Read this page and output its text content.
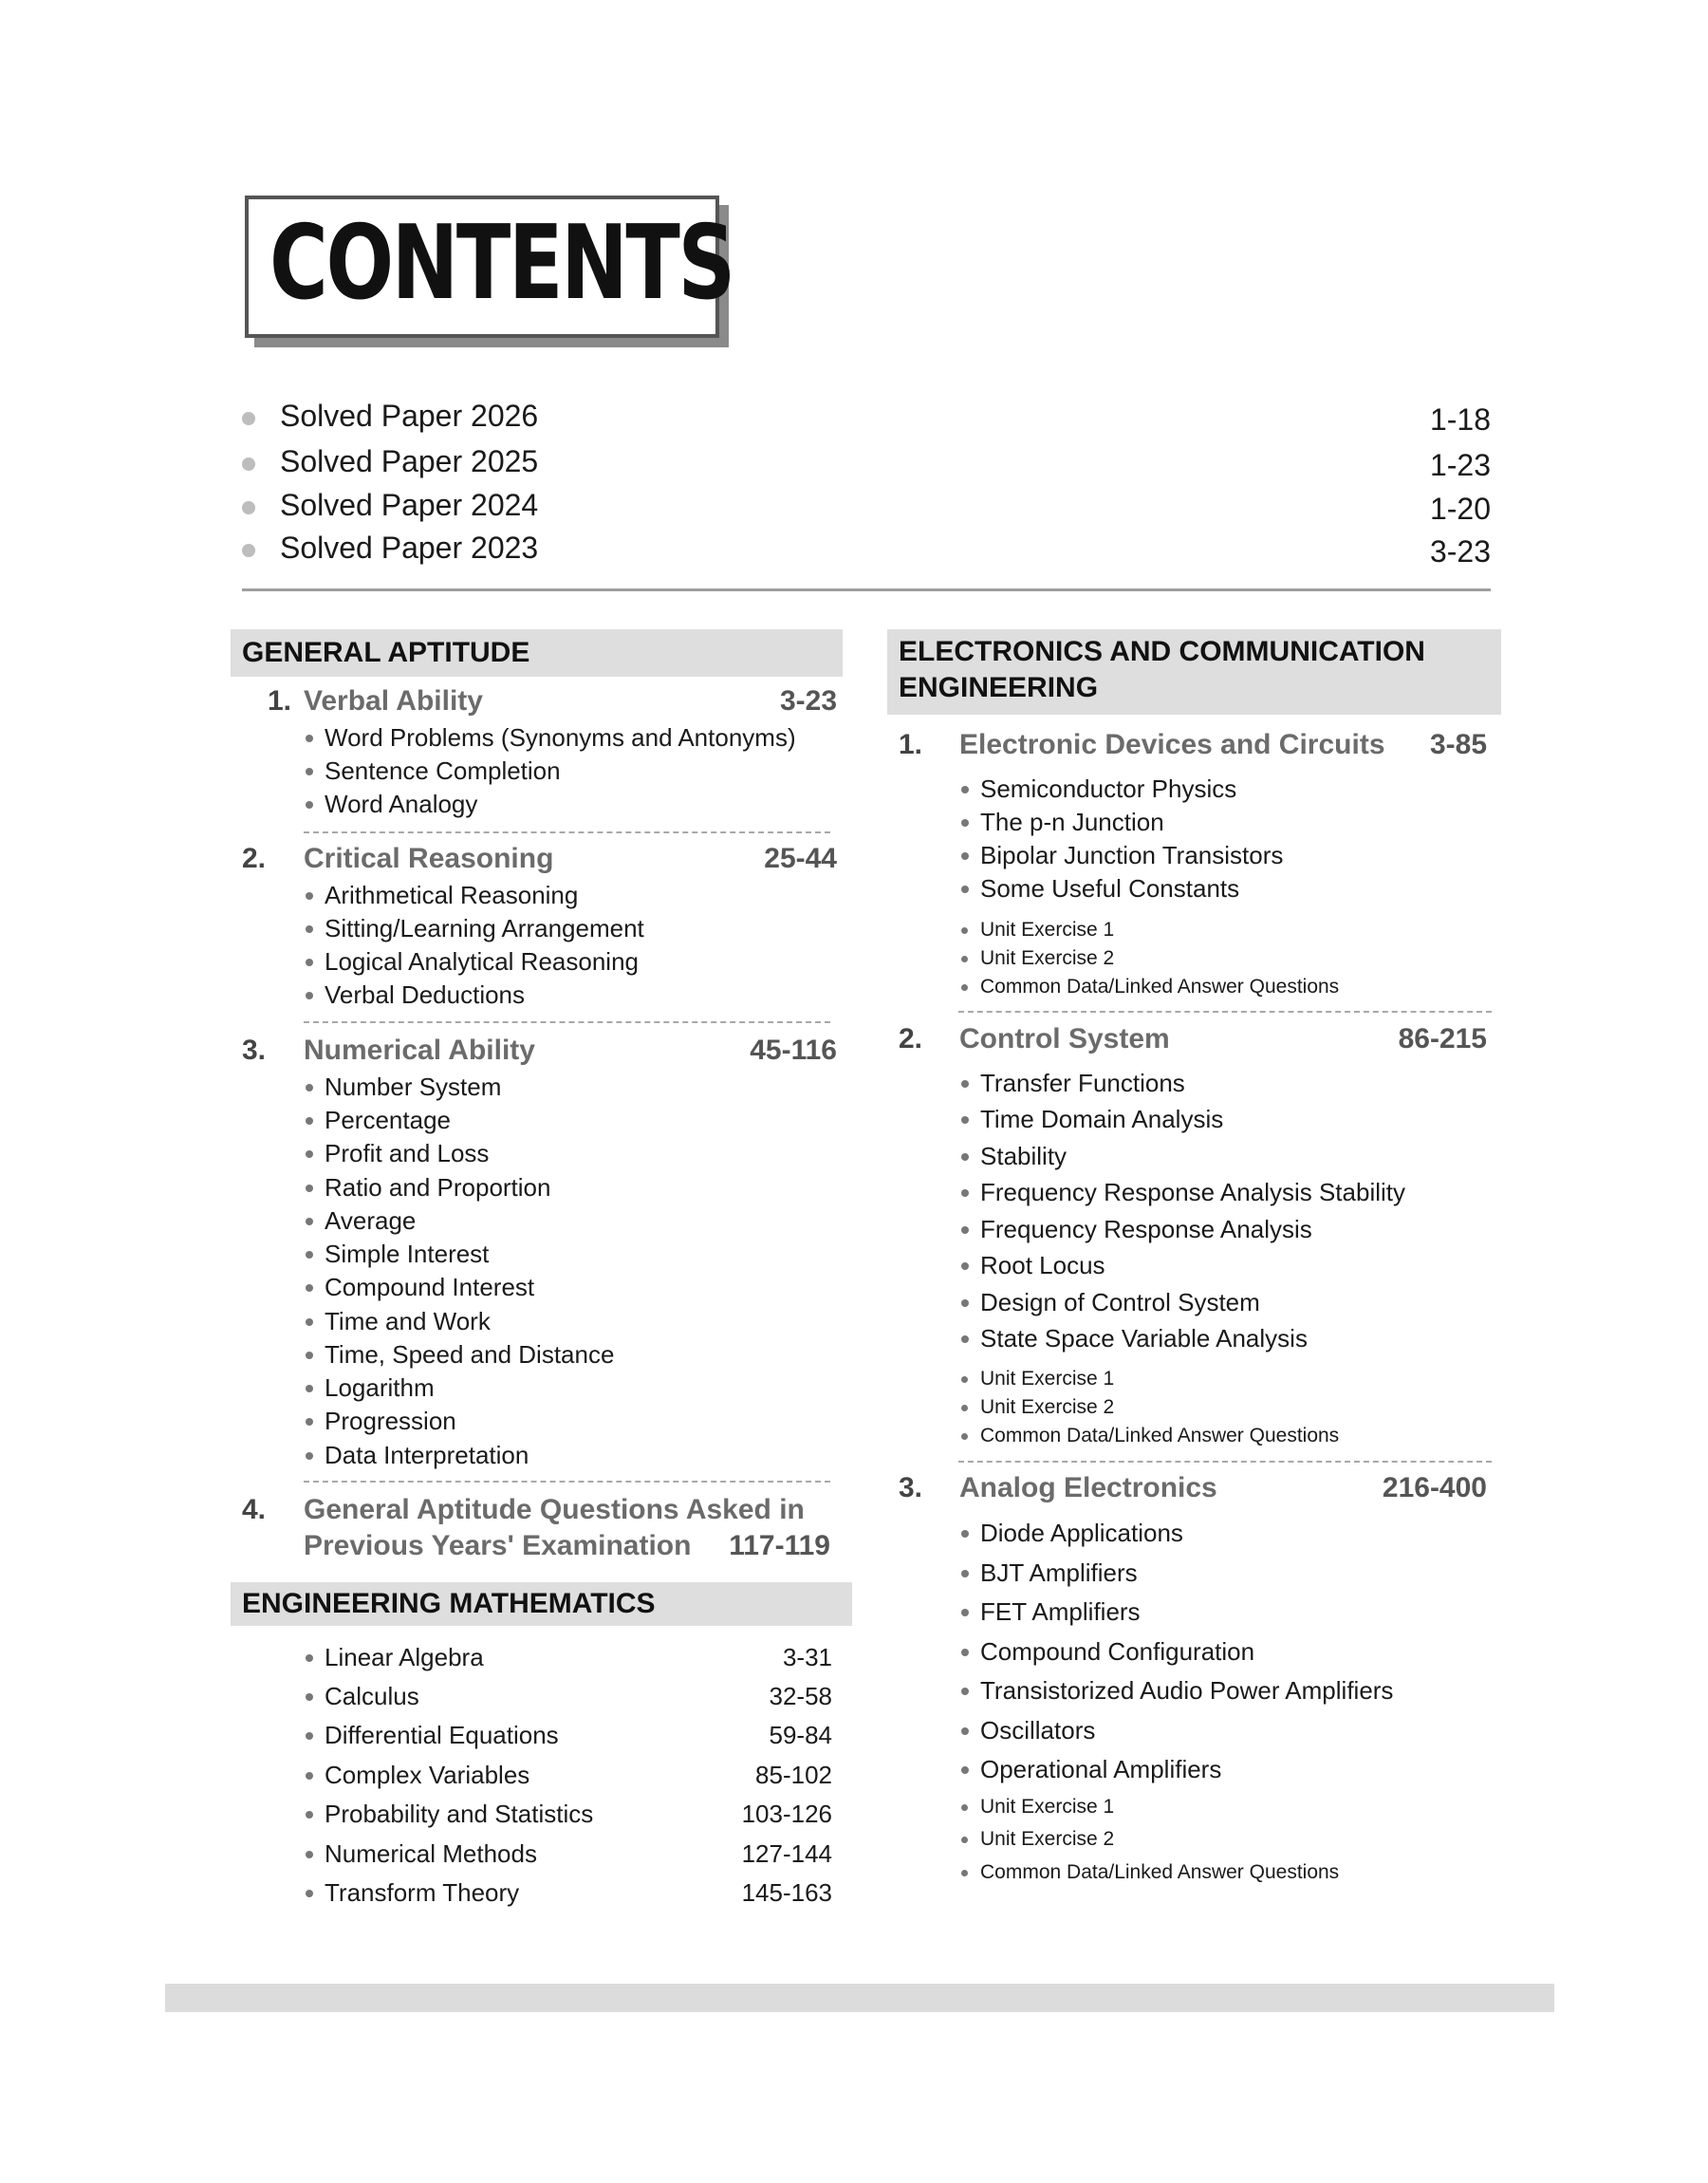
CONTENTS
Solved Paper 2026	1-18
Solved Paper 2025	1-23
Solved Paper 2024	1-20
Solved Paper 2023	3-23
GENERAL APTITUDE
1. Verbal Ability	3-23
Word Problems (Synonyms and Antonyms)
Sentence Completion
Word Analogy
2. Critical Reasoning	25-44
Arithmetical Reasoning
Sitting/Learning Arrangement
Logical Analytical Reasoning
Verbal Deductions
3. Numerical Ability	45-116
Number System
Percentage
Profit and Loss
Ratio and Proportion
Average
Simple Interest
Compound Interest
Time and Work
Time, Speed and Distance
Logarithm
Progression
Data Interpretation
4. General Aptitude Questions Asked in
Previous Years' Examination 117-119
ENGINEERING MATHEMATICS
Linear Algebra	3-31
Calculus	32-58
Differential Equations	59-84
Complex Variables	85-102
Probability and Statistics	103-126
Numerical Methods	127-144
Transform Theory	145-163
ELECTRONICS AND COMMUNICATION
ENGINEERING
1. Electronic Devices and Circuits 3-85
Semiconductor Physics
The p-n Junction
Bipolar Junction Transistors
Some Useful Constants
Unit Exercise 1
Unit Exercise 2
Common Data/Linked Answer Questions
2. Control System	86-215
Transfer Functions
Time Domain Analysis
Stability
Frequency Response Analysis Stability
Frequency Response Analysis
Root Locus
Design of Control System
State Space Variable Analysis
Unit Exercise 1
Unit Exercise 2
Common Data/Linked Answer Questions
3. Analog Electronics	216-400
Diode Applications
BJT Amplifiers
FET Amplifiers
Compound Configuration
Transistorized Audio Power Amplifiers
Oscillators
Operational Amplifiers
Unit Exercise 1
Unit Exercise 2
Common Data/Linked Answer Questions
